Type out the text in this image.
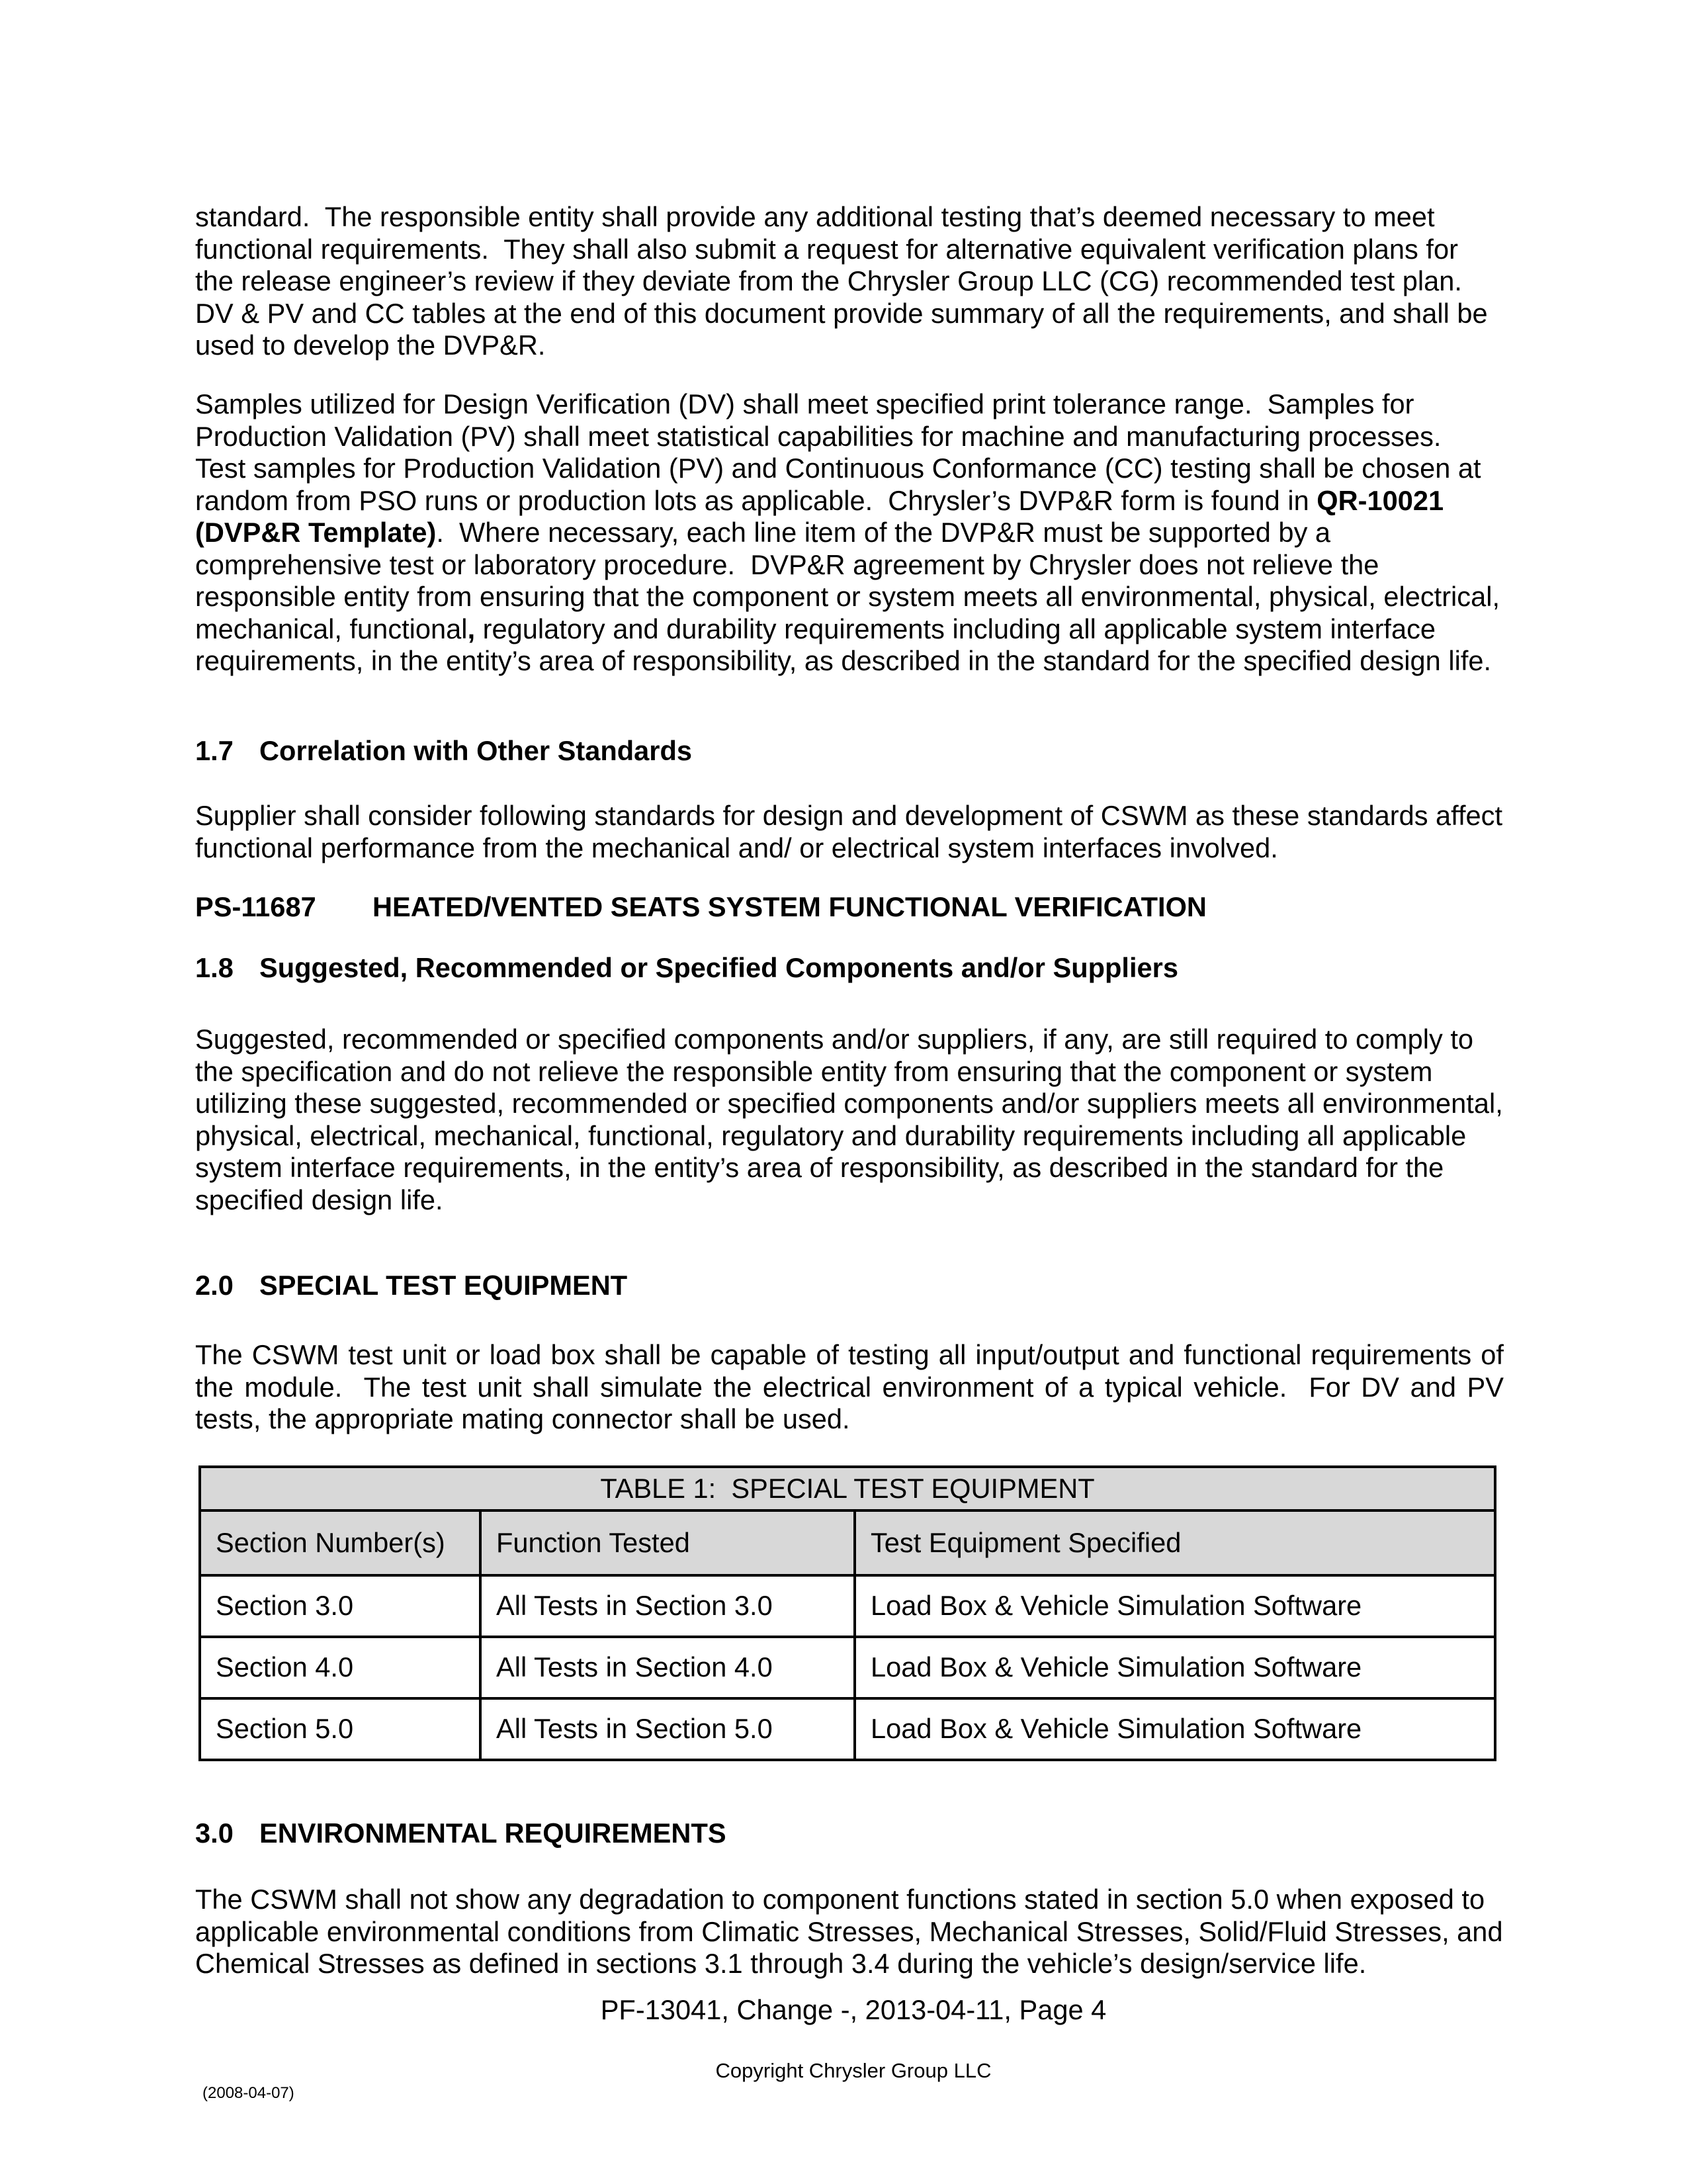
standard.  The responsible entity shall provide any additional testing that’s deemed necessary to meet functional requirements.  They shall also submit a request for alternative equivalent verification plans for the release engineer’s review if they deviate from the Chrysler Group LLC (CG) recommended test plan.  DV & PV and CC tables at the end of this document provide summary of all the requirements, and shall be used to develop the DVP&R.
Samples utilized for Design Verification (DV) shall meet specified print tolerance range.  Samples for Production Validation (PV) shall meet statistical capabilities for machine and manufacturing processes.  Test samples for Production Validation (PV) and Continuous Conformance (CC) testing shall be chosen at random from PSO runs or production lots as applicable.  Chrysler’s DVP&R form is found in QR-10021 (DVP&R Template).  Where necessary, each line item of the DVP&R must be supported by a comprehensive test or laboratory procedure.  DVP&R agreement by Chrysler does not relieve the responsible entity from ensuring that the component or system meets all environmental, physical, electrical, mechanical, functional, regulatory and durability requirements including all applicable system interface requirements, in the entity’s area of responsibility, as described in the standard for the specified design life.
1.7 Correlation with Other Standards
Supplier shall consider following standards for design and development of CSWM as these standards affect functional performance from the mechanical and/ or electrical system interfaces involved.
PS-11687 HEATED/VENTED SEATS SYSTEM FUNCTIONAL VERIFICATION
1.8 Suggested, Recommended or Specified Components and/or Suppliers
Suggested, recommended or specified components and/or suppliers, if any, are still required to comply to the specification and do not relieve the responsible entity from ensuring that the component or system utilizing these suggested, recommended or specified components and/or suppliers meets all environmental, physical, electrical, mechanical, functional, regulatory and durability requirements including all applicable system interface requirements, in the entity’s area of responsibility, as described in the standard for the specified design life.
2.0 SPECIAL TEST EQUIPMENT
The CSWM test unit or load box shall be capable of testing all input/output and functional requirements of the module.  The test unit shall simulate the electrical environment of a typical vehicle.  For DV and PV tests, the appropriate mating connector shall be used.
TABLE 1:  SPECIAL TEST EQUIPMENT		
Section Number(s)	Function Tested	Test Equipment Specified
Section 3.0	All Tests in Section 3.0	Load Box & Vehicle Simulation Software
Section 4.0	All Tests in Section 4.0	Load Box & Vehicle Simulation Software
Section 5.0	All Tests in Section 5.0	Load Box & Vehicle Simulation Software
3.0 ENVIRONMENTAL REQUIREMENTS
The CSWM shall not show any degradation to component functions stated in section 5.0 when exposed to applicable environmental conditions from Climatic Stresses, Mechanical Stresses, Solid/Fluid Stresses, and Chemical Stresses as defined in sections 3.1 through 3.4 during the vehicle’s design/service life.
PF-13041, Change -, 2013-04-11, Page 4
Copyright Chrysler Group LLC
(2008-04-07)
